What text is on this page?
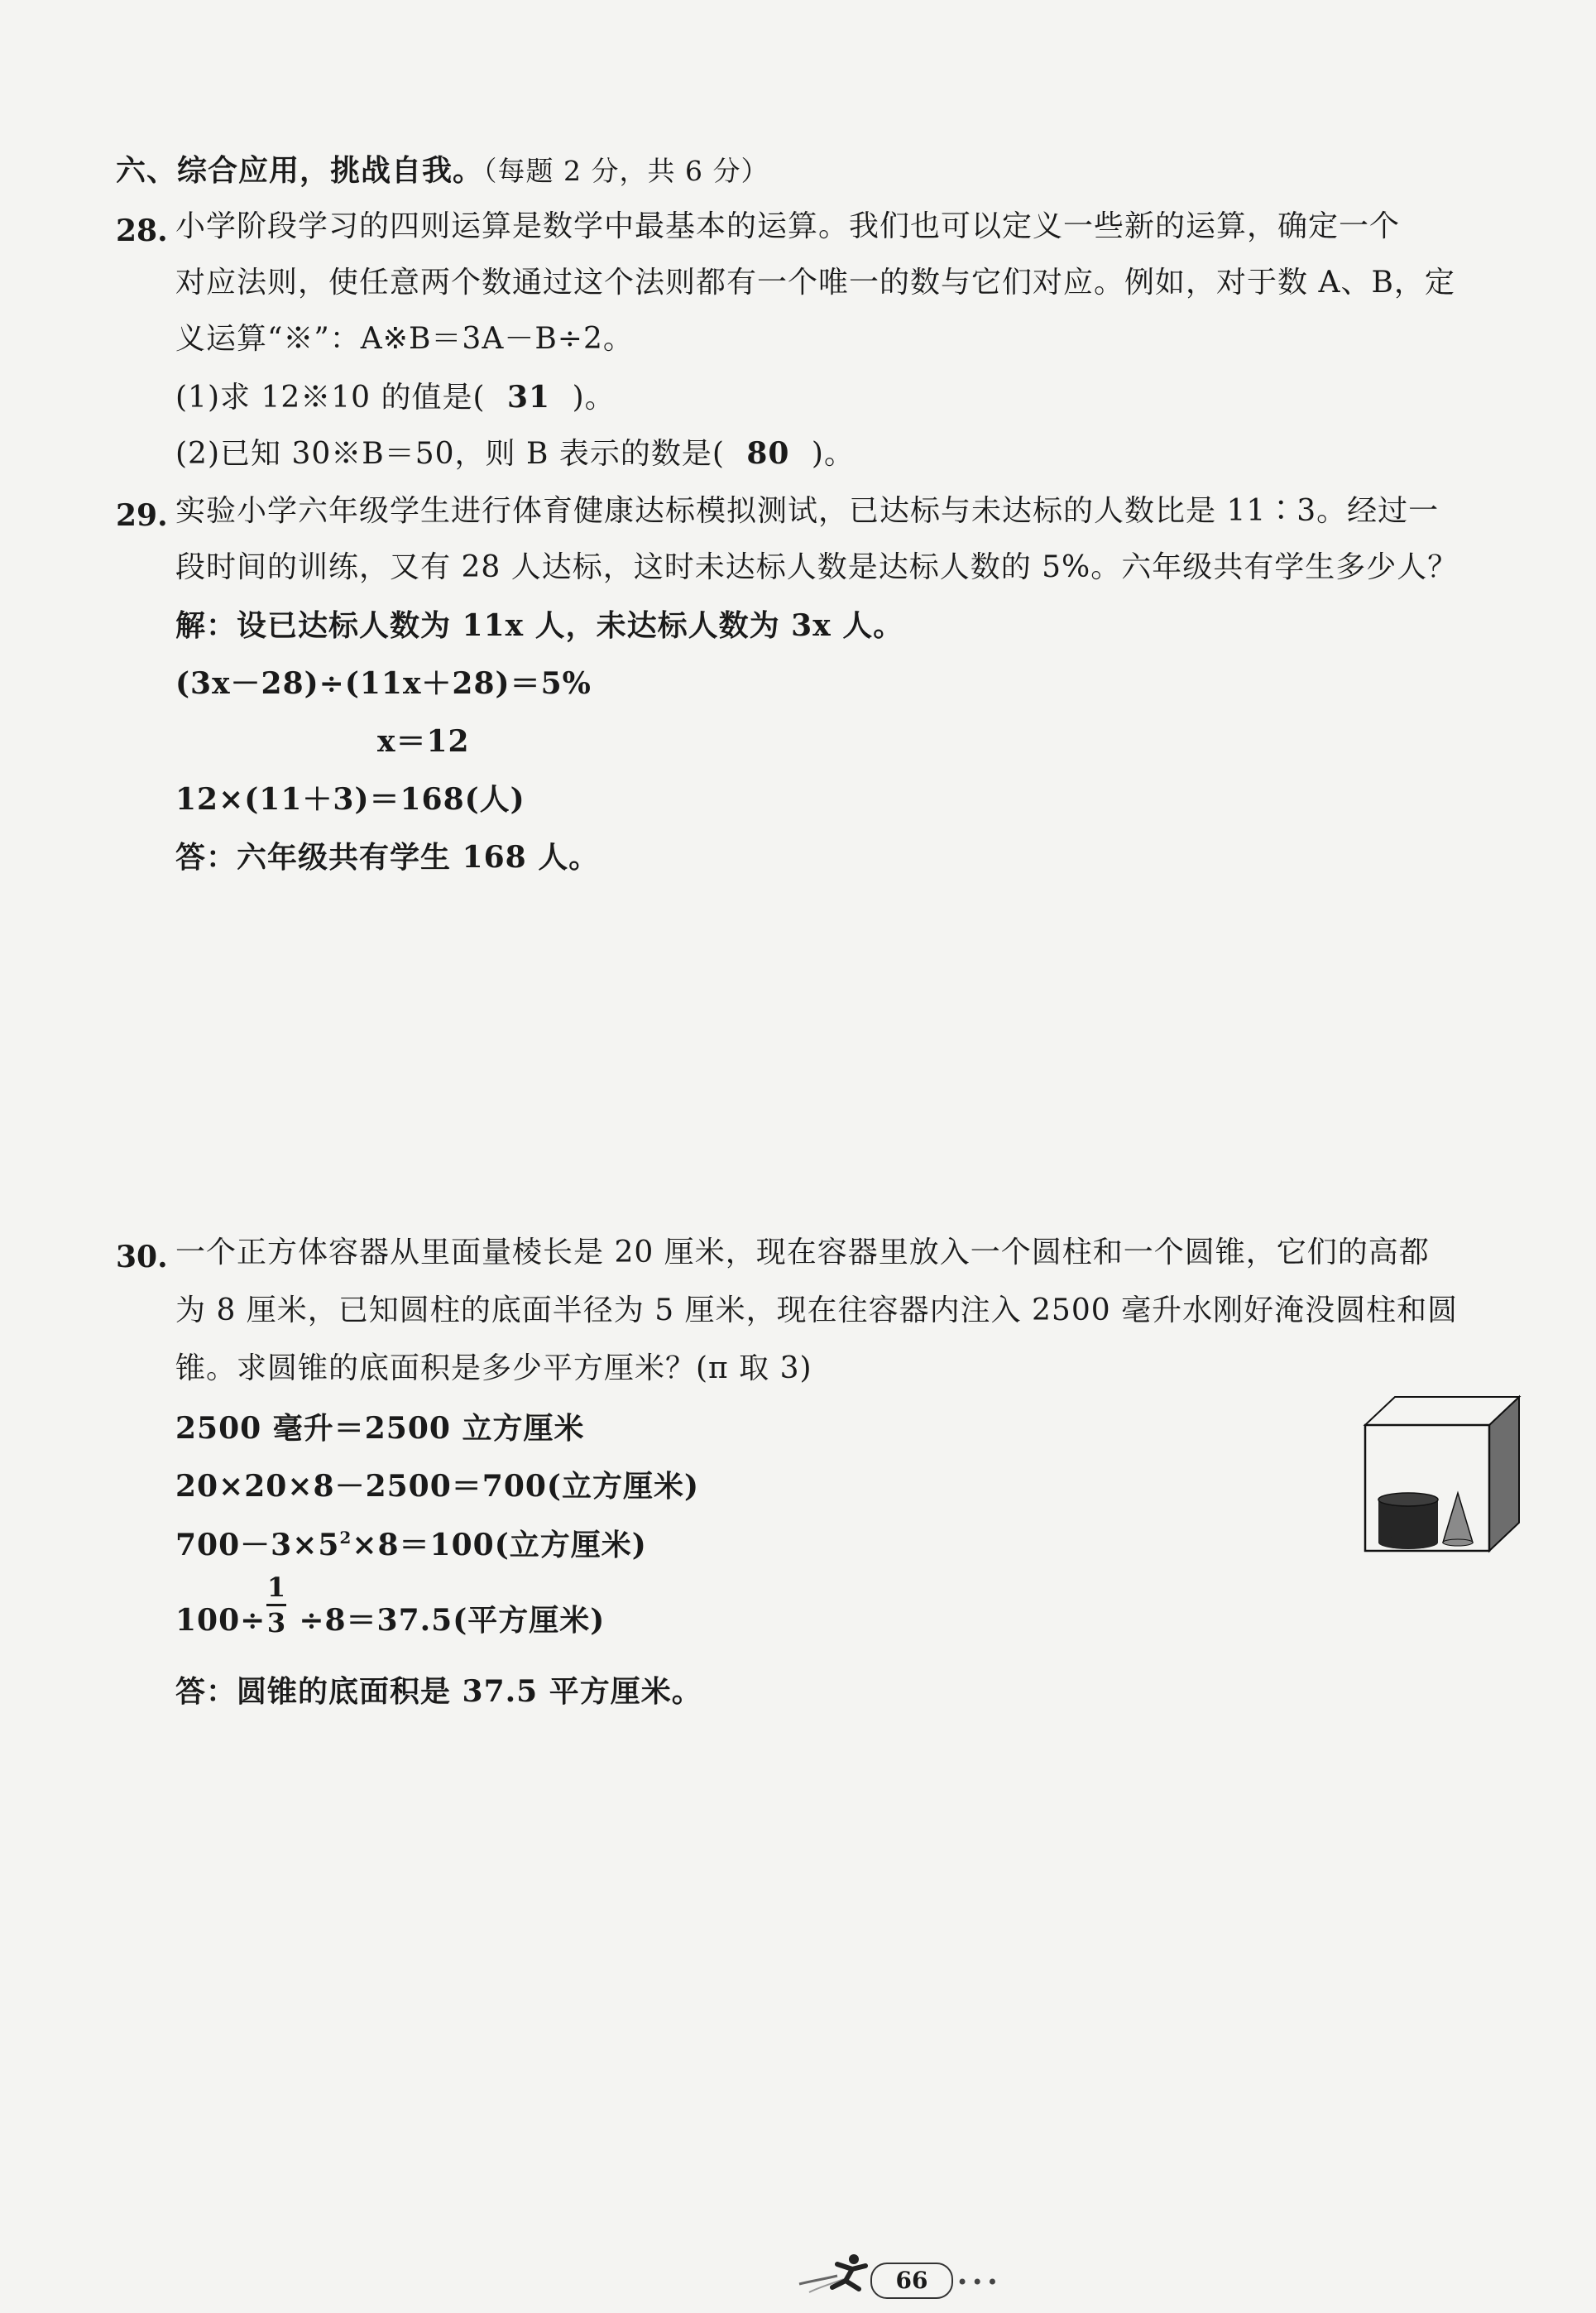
六、综合应用，挑战自我。（每题 2 分，共 6 分）
28. 小学阶段学习的四则运算是数学中最基本的运算。我们也可以定义一些新的运算，确定一个
对应法则，使任意两个数通过这个法则都有一个唯一的数与它们对应。例如，对于数 A、B，定
义运算“※”：A※B＝3A－B÷2。
(1)求 12※10 的值是( 31 )。
(2)已知 30※B＝50，则 B 表示的数是( 80 )。
29. 实验小学六年级学生进行体育健康达标模拟测试，已达标与未达标的人数比是 11∶3。经过一
段时间的训练，又有 28 人达标，这时未达标人数是达标人数的 5%。六年级共有学生多少人？
解：设已达标人数为 11x 人，未达标人数为 3x 人。
(3x－28)÷(11x＋28)＝5%
x＝12
12×(11＋3)＝168(人)
答：六年级共有学生 168 人。
30. 一个正方体容器从里面量棱长是 20 厘米，现在容器里放入一个圆柱和一个圆锥，它们的高都
为 8 厘米，已知圆柱的底面半径为 5 厘米，现在往容器内注入 2500 毫升水刚好淹没圆柱和圆
锥。求圆锥的底面积是多少平方厘米？(π 取 3)
2500 毫升＝2500 立方厘米
20×20×8－2500＝700(立方厘米)
$700-3\times 5^2\times 8=100$(立方厘米)
100÷ ÷8＝37.5(平方厘米)
1
3
答：圆锥的底面积是 37.5 平方厘米。
66	•••
